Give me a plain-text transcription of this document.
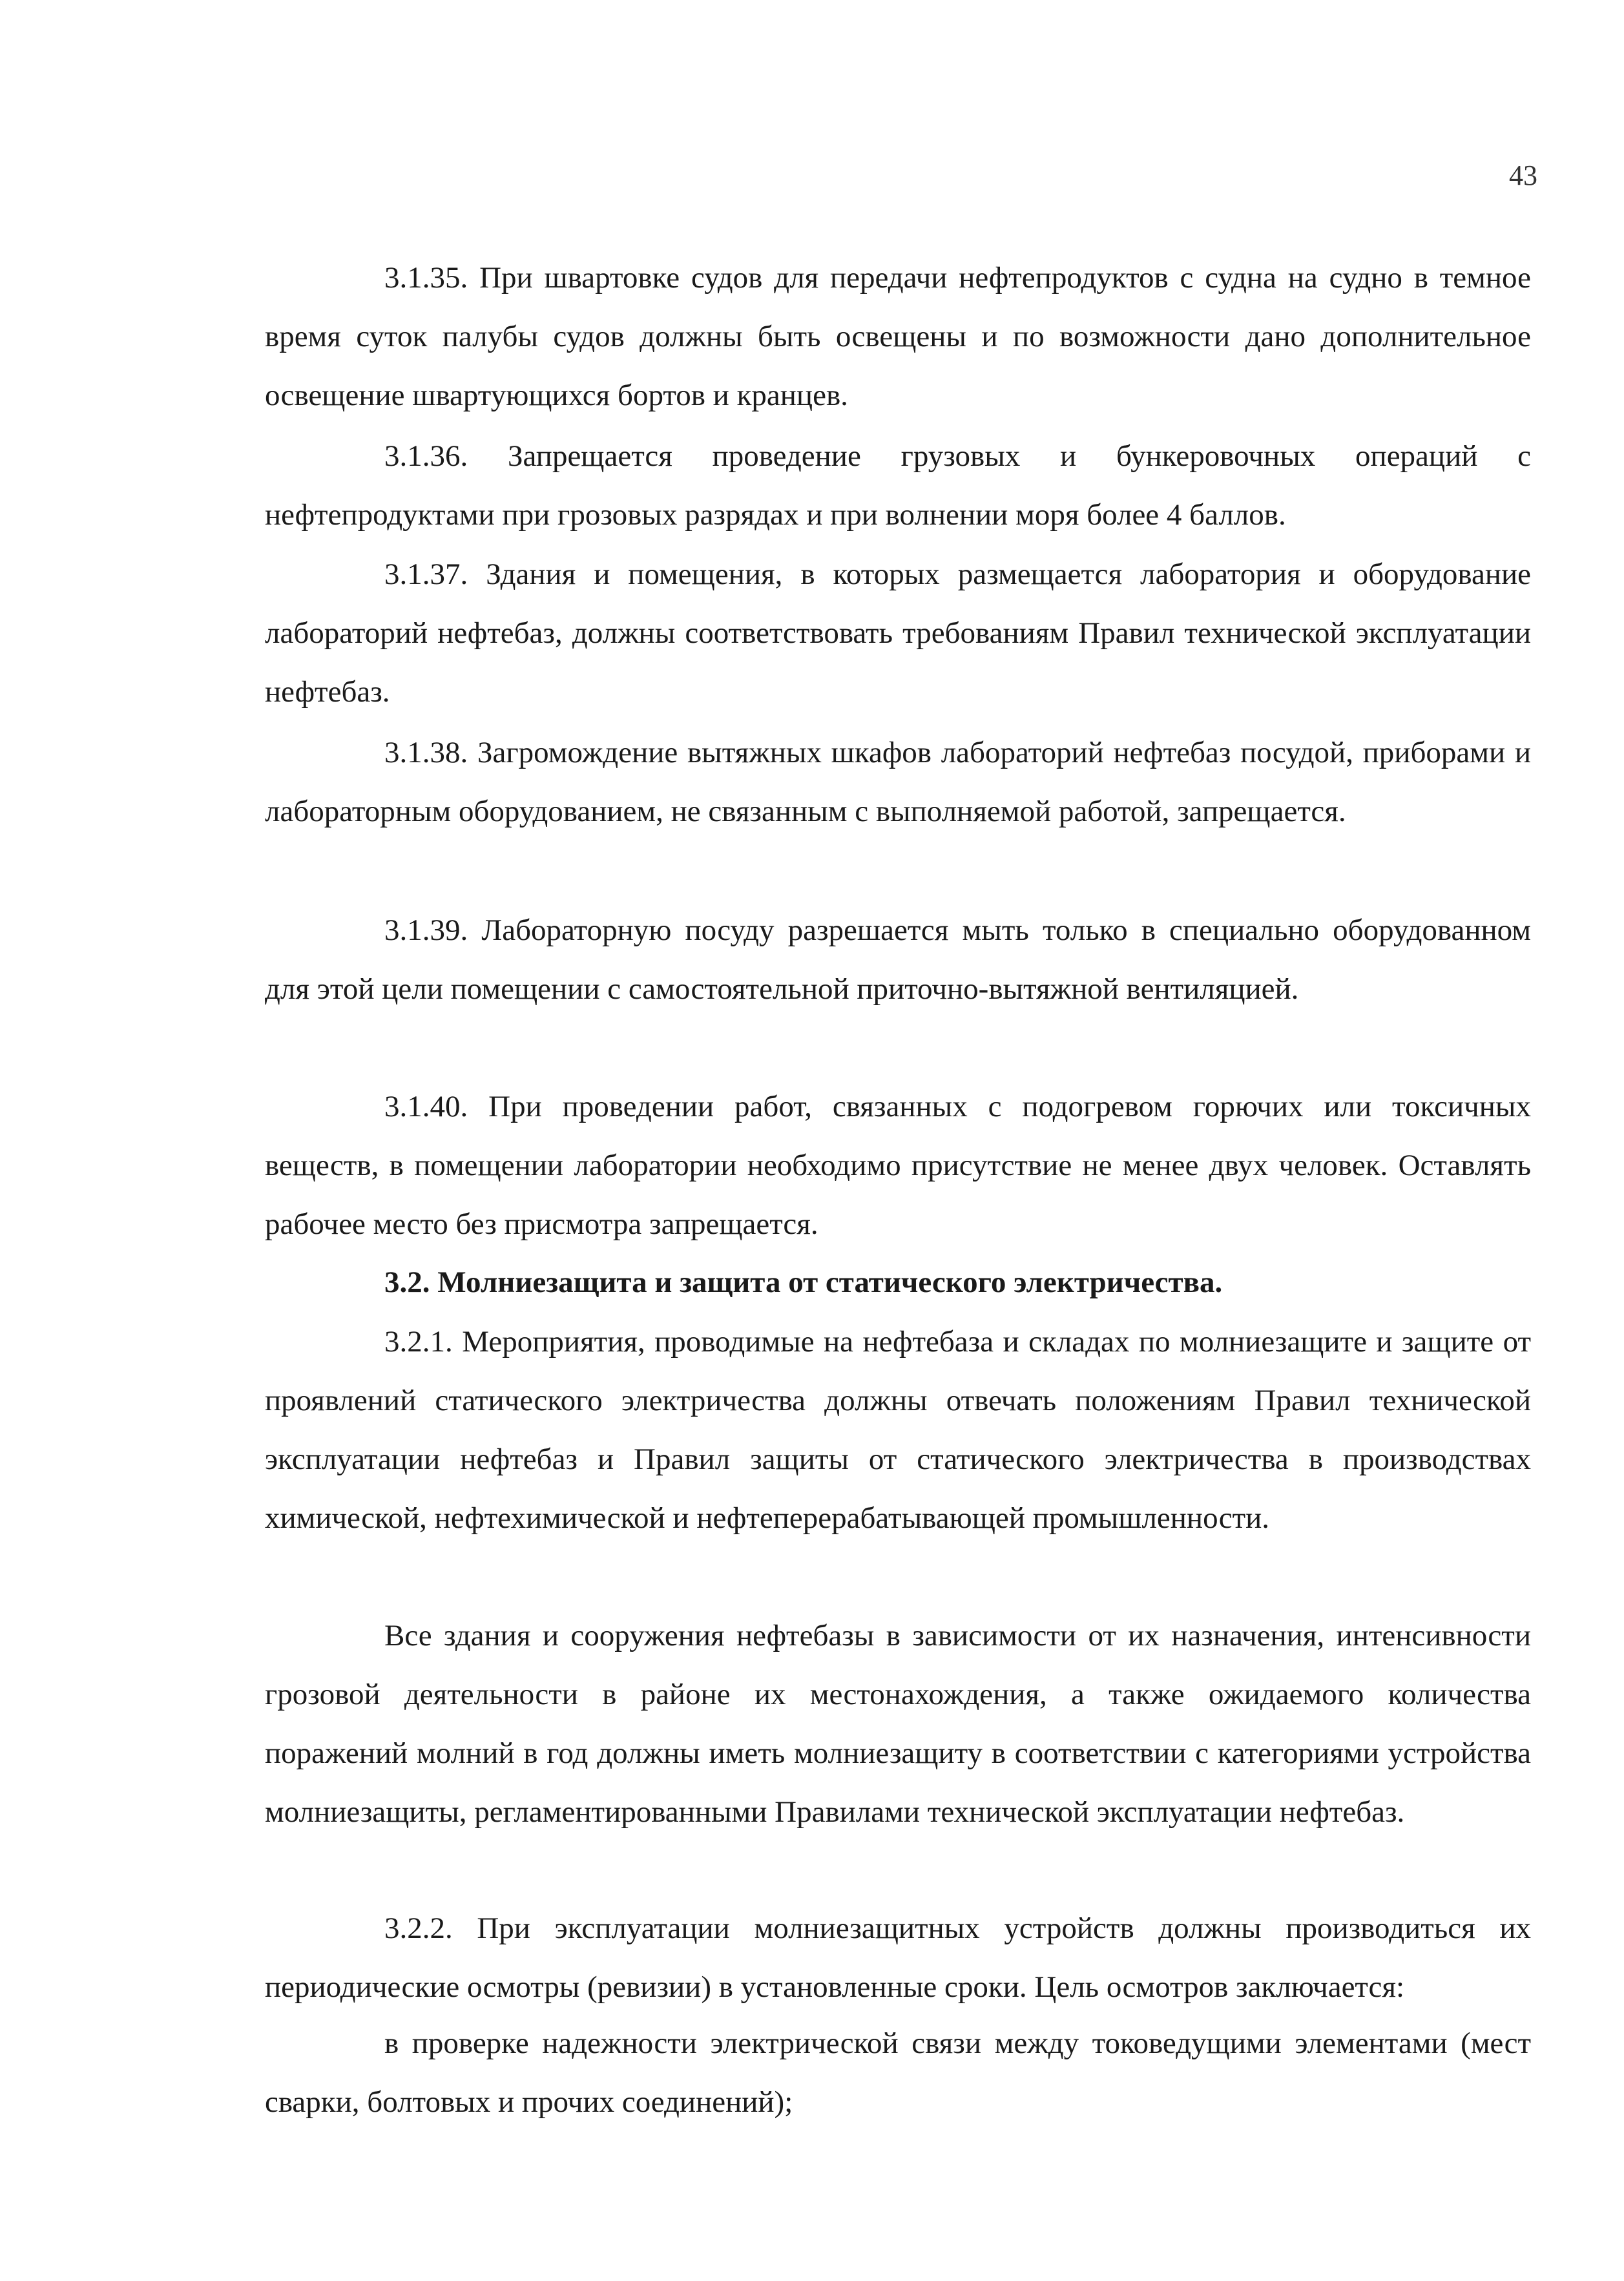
43

3.1.35. При швартовке судов для передачи нефтепродуктов с судна на судно в темное время суток палубы судов должны быть освещены и по возможности дано дополнительное освещение швартующихся бортов и кранцев.

3.1.36. Запрещается проведение грузовых и бункеровочных операций с нефтепродуктами при грозовых разрядах и при волнении моря более 4 баллов.

3.1.37. Здания и помещения, в которых размещается лаборатория и оборудование лабораторий нефтебаз, должны соответствовать требованиям Правил технической эксплуатации нефтебаз.

3.1.38. Загромождение вытяжных шкафов лабораторий нефтебаз посудой, приборами и лабораторным оборудованием, не связанным с выполняемой работой, запрещается.

3.1.39. Лабораторную посуду разрешается мыть только в специально оборудованном для этой цели помещении с самостоятельной приточно-вытяжной вентиляцией.

3.1.40. При проведении работ, связанных с подогревом горючих или токсичных веществ, в помещении лаборатории необходимо присутствие не менее двух человек. Оставлять рабочее место без присмотра запрещается.

3.2. Молниезащита и защита от статического электричества.

3.2.1. Мероприятия, проводимые на нефтебаза и складах по молниезащите и защите от проявлений статического электричества должны отвечать положениям Правил технической эксплуатации нефтебаз и Правил защиты от статического электричества в производствах химической, нефтехимической и нефтеперерабатывающей промышленности.

Все здания и сооружения нефтебазы в зависимости от их назначения, интенсивности грозовой деятельности в районе их местонахождения, а также ожидаемого количества поражений молний в год должны иметь молниезащиту в соответствии с категориями устройства молниезащиты, регламентированными Правилами технической эксплуатации нефтебаз.

3.2.2. При эксплуатации молниезащитных устройств должны производиться их периодические осмотры (ревизии) в установленные сроки. Цель осмотров заключается:

в проверке надежности электрической связи между токоведущими элементами (мест сварки, болтовых и прочих соединений);
